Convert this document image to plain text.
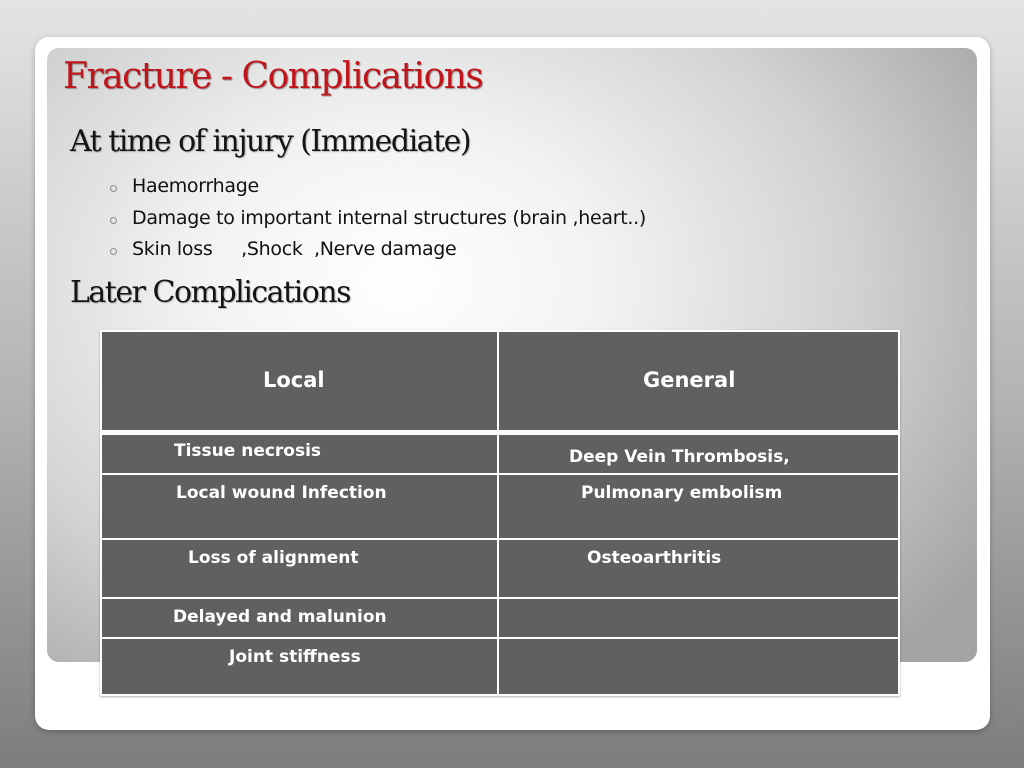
Fracture - Complications
At time of injury (Immediate)
Haemorrhage
Damage to important internal structures (brain ,heart..)
Skin loss     ,Shock  ,Nerve damage
Later Complications
Local	General
Tissue necrosis	Deep Vein Thrombosis,
Local wound Infection	Pulmonary embolism
Loss of alignment	Osteoarthritis
Delayed and malunion
Joint stiffness
